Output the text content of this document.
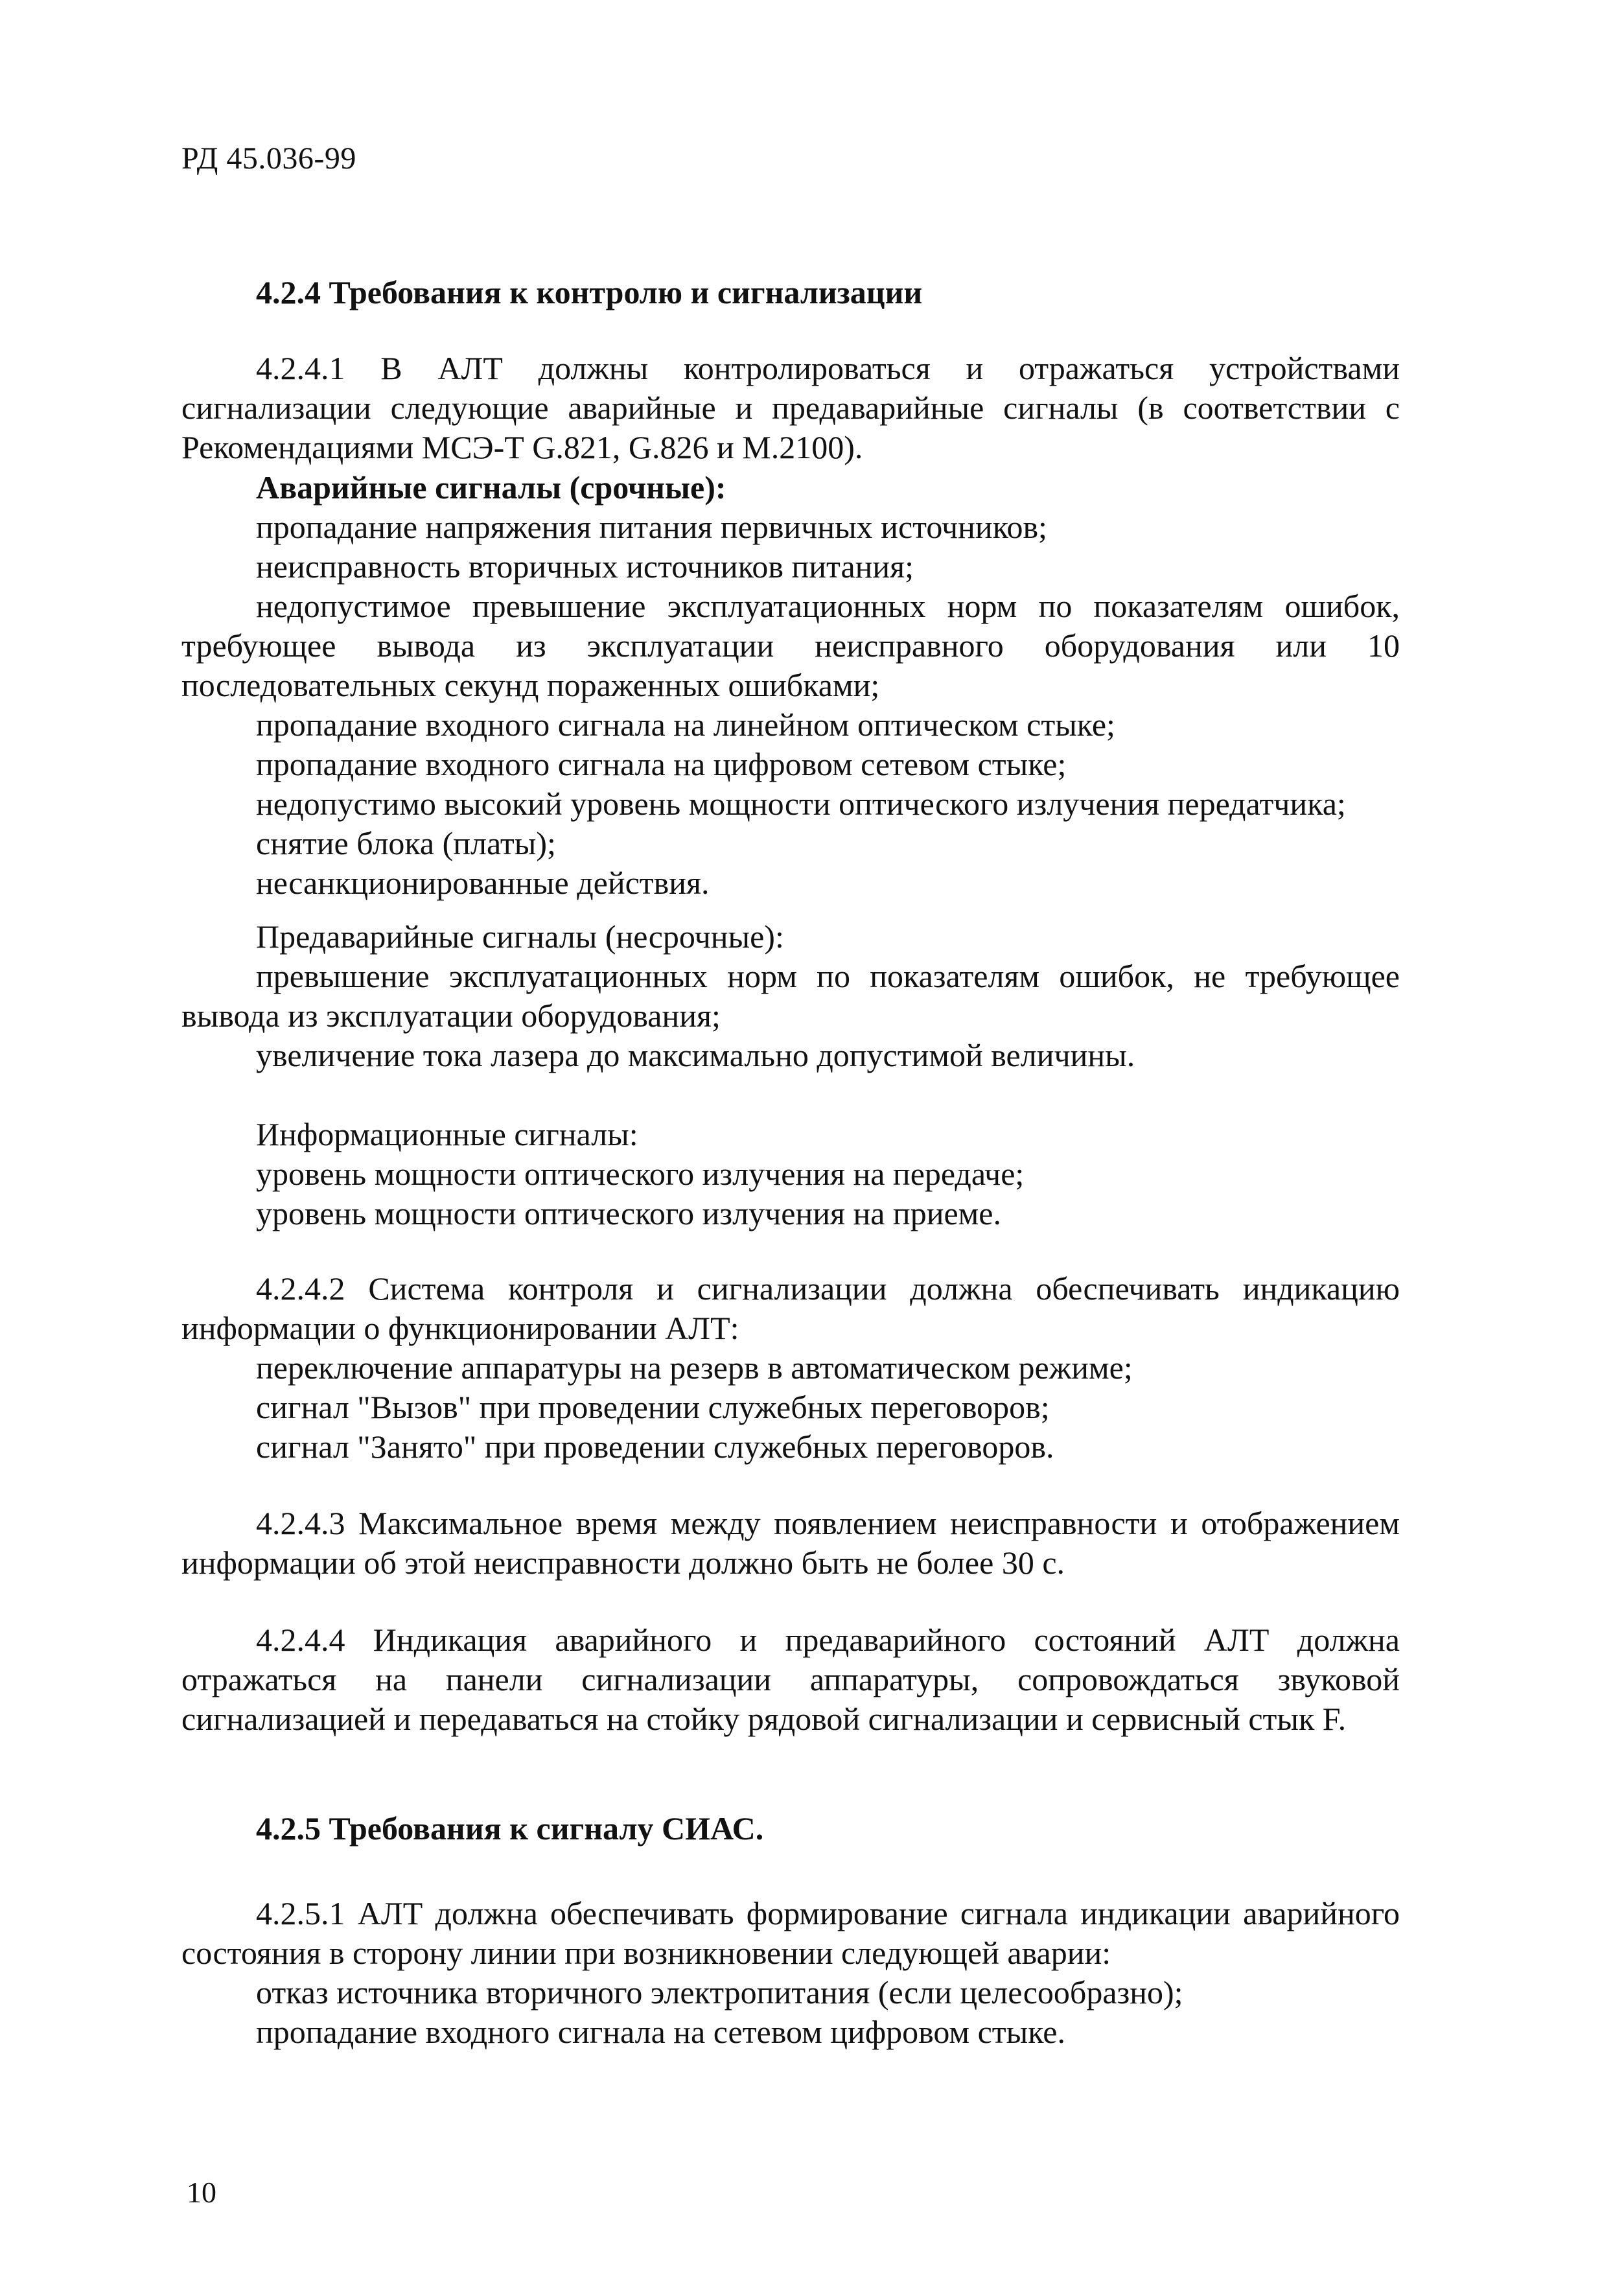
РД 45.036-99
4.2.4 Требования к контролю и сигнализации

4.2.4.1 В АЛТ должны контролироваться и отражаться устройствами сигнализации следующие аварийные и предаварийные сигналы (в соответствии с Рекомендациями МСЭ-Т G.821, G.826 и М.2100).

Аварийные сигналы (срочные):
пропадание напряжения питания первичных источников;
неисправность вторичных источников питания;
недопустимое превышение эксплуатационных норм по показателям ошибок, требующее вывода из эксплуатации неисправного оборудования или 10 последовательных секунд пораженных ошибками;
пропадание входного сигнала на линейном оптическом стыке;
пропадание входного сигнала на цифровом сетевом стыке;
недопустимо высокий уровень мощности оптического излучения передатчика;
снятие блока (платы);
несанкционированные действия.
Предаварийные сигналы (несрочные):
превышение эксплуатационных норм по показателям ошибок, не требующее вывода из эксплуатации оборудования;
увеличение тока лазера до максимально допустимой величины.
Информационные сигналы:
уровень мощности оптического излучения на передаче;
уровень мощности оптического излучения на приеме.

4.2.4.2 Система контроля и сигнализации должна обеспечивать индикацию информации о функционировании АЛТ:

переключение аппаратуры на резерв в автоматическом режиме;
сигнал "Вызов" при проведении служебных переговоров;
сигнал "Занято" при проведении служебных переговоров.

4.2.4.3 Максимальное время между появлением неисправности и отображением информации об этой неисправности должно быть не более 30 с.

4.2.4.4 Индикация аварийного и предаварийного состояний АЛТ должна отражаться на панели сигнализации аппаратуры, сопровождаться звуковой сигнализацией и передаваться на стойку рядовой сигнализации и сервисный стык F.

4.2.5 Требования к сигналу СИАС.

4.2.5.1 АЛТ должна обеспечивать формирование сигнала индикации аварийного состояния в сторону линии при возникновении следующей аварии:

отказ источника вторичного электропитания (если целесообразно);
пропадание входного сигнала на сетевом цифровом стыке.
10
